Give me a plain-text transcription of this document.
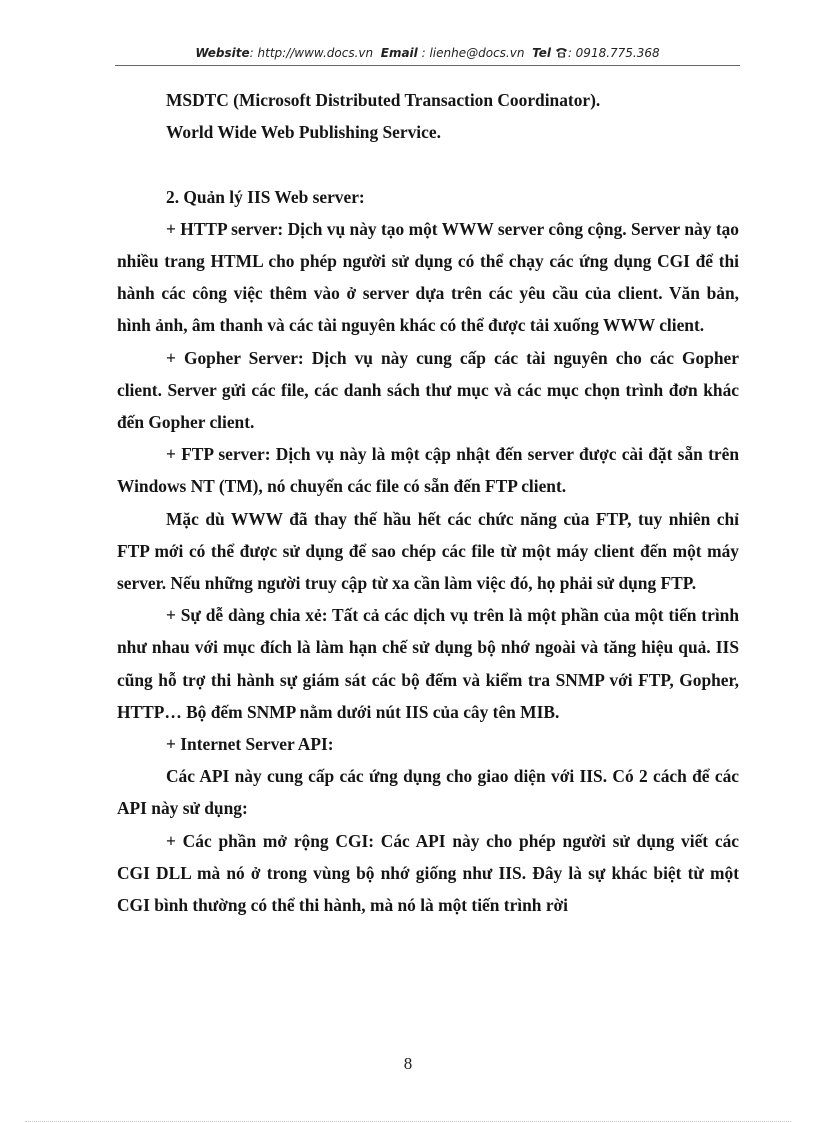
Website: http://www.docs.vn Email : lienhe@docs.vn Tel : 0918.775.368

MSDTC (Microsoft Distributed Transaction Coordinator).

World Wide Web Publishing Service.

2. Quản lý IIS Web server:

+ HTTP server: Dịch vụ này tạo một WWW server công cộng. Server này tạo nhiều trang HTML cho phép người sử dụng có thể chạy các ứng dụng CGI để thi hành các công việc thêm vào ở server dựa trên các yêu cầu của client. Văn bản, hình ảnh, âm thanh và các tài nguyên khác có thể được tải xuống WWW client.

+ Gopher Server: Dịch vụ này cung cấp các tài nguyên cho các Gopher client. Server gửi các file, các danh sách thư mục và các mục chọn trình đơn khác đến Gopher client.

+ FTP server: Dịch vụ này là một cập nhật đến server được cài đặt sẵn trên Windows NT (TM), nó chuyển các file có sẵn đến FTP client.

Mặc dù WWW đã thay thế hầu hết các chức năng của FTP, tuy nhiên chỉ FTP mới có thể được sử dụng để sao chép các file từ một máy client đến một máy server. Nếu những người truy cập từ xa cần làm việc đó, họ phải sử dụng FTP.

+ Sự dễ dàng chia xẻ: Tất cả các dịch vụ trên là một phần của một tiến trình như nhau với mục đích là làm hạn chế sử dụng bộ nhớ ngoài và tăng hiệu quả. IIS cũng hỗ trợ thi hành sự giám sát các bộ đếm và kiểm tra SNMP với FTP, Gopher, HTTP… Bộ đếm SNMP nằm dưới nút IIS của cây tên MIB.

+ Internet Server API:

Các API này cung cấp các ứng dụng cho giao diện với IIS. Có 2 cách để các API này sử dụng:

+ Các phần mở rộng CGI: Các API này cho phép người sử dụng viết các CGI DLL mà nó ở trong vùng bộ nhớ giống như IIS. Đây là sự khác biệt từ một CGI bình thường có thể thi hành, mà nó là một tiến trình rời

8
